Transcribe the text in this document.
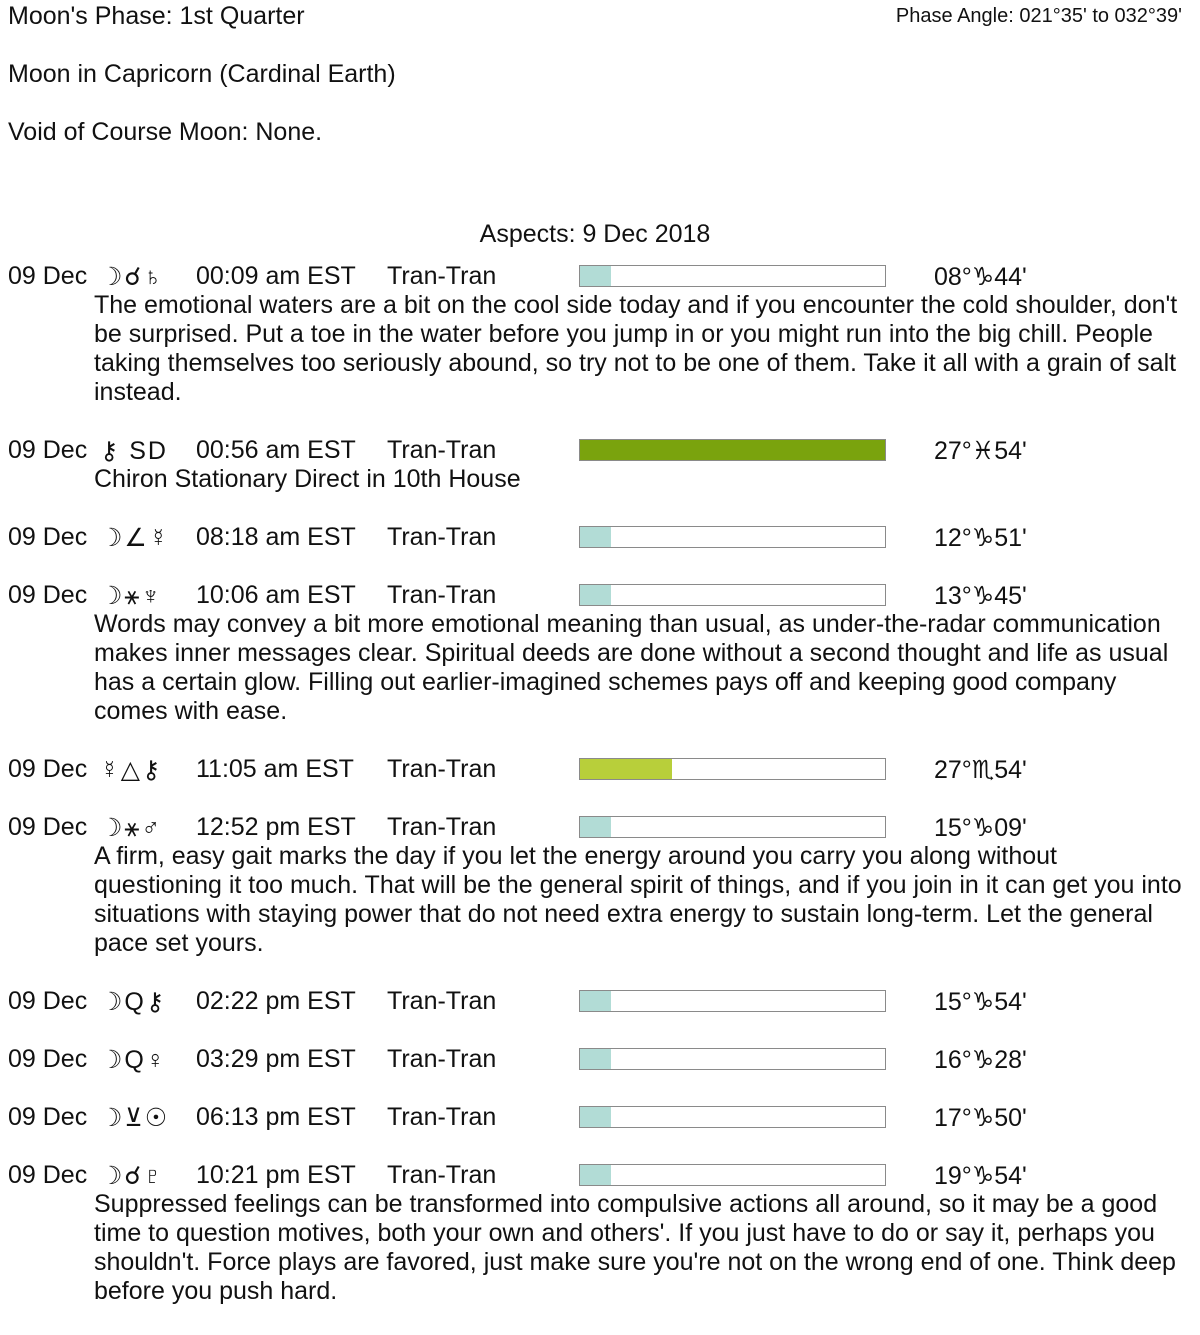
Moon's Phase: 1st Quarter	Phase Angle: 021°35' to 032°39'
Moon in Capricorn (Cardinal Earth)
Void of Course Moon: None.
Aspects: 9 Dec 2018
09 Dec ☽☌♄ 00:09 am EST Tran-Tran	08°♑44'

The emotional waters are a bit on the cool side today and if you encounter the cold shoulder, don't be surprised. Put a toe in the water before you jump in or you might run into the big chill. People taking themselves too seriously abound, so try not to be one of them. Take it all with a grain of salt instead.

09 Dec ⚷ SD 00:56 am EST Tran-Tran	27°♓54'

Chiron Stationary Direct in 10th House

09 Dec ☽∠☿ 08:18 am EST Tran-Tran	12°♑51'
09 Dec ☽⚹♆ 10:06 am EST Tran-Tran	13°♑45'

Words may convey a bit more emotional meaning than usual, as under-the-radar communication makes inner messages clear. Spiritual deeds are done without a second thought and life as usual has a certain glow. Filling out earlier-imagined schemes pays off and keeping good company comes with ease.

09 Dec ☿△⚷ 11:05 am EST Tran-Tran	27°♏54'
09 Dec ☽⚹♂ 12:52 pm EST Tran-Tran	15°♑09'

A firm, easy gait marks the day if you let the energy around you carry you along without questioning it too much. That will be the general spirit of things, and if you join in it can get you into situations with staying power that do not need extra energy to sustain long-term. Let the general pace set yours.

09 Dec ☽Q⚷ 02:22 pm EST Tran-Tran	15°♑54'
09 Dec ☽Q♀ 03:29 pm EST Tran-Tran	16°♑28'
09 Dec ☽⊻☉ 06:13 pm EST Tran-Tran	17°♑50'
09 Dec ☽☌♇ 10:21 pm EST Tran-Tran	19°♑54'

Suppressed feelings can be transformed into compulsive actions all around, so it may be a good time to question motives, both your own and others'. If you just have to do or say it, perhaps you shouldn't. Force plays are favored, just make sure you're not on the wrong end of one. Think deep before you push hard.
